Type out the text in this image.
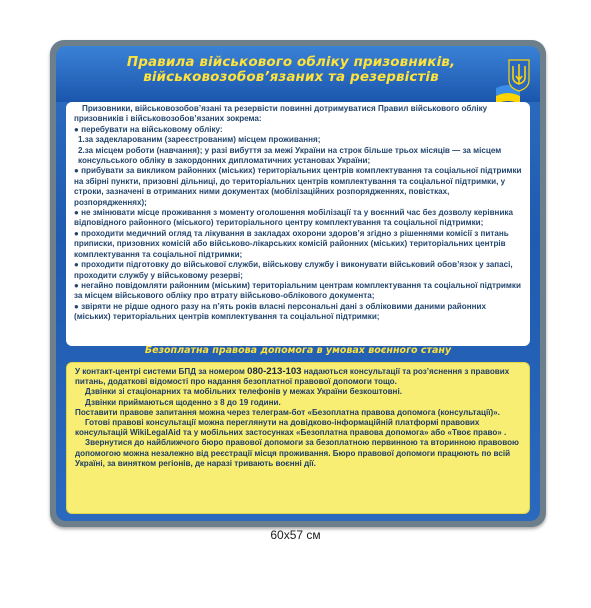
Правила військового обліку призовників,
військовозобов’язаних та резервістів

Призовники, військовозобов’язані та резервісти повинні дотримуватися Правил військового обліку призовників і військовозобов’язаних зокрема:

● перебувати на військовому обліку:

1.за задекларованим (зареєстрованим) місцем проживання;

2.за місцем роботи (навчання); у разі вибуття за межі України на строк більше трьох місяців — за місцем консульського обліку в закордонних дипломатичних установах України;

● прибувати за викликом районних (міських) територіальних центрів комплектування та соціальної підтримки на збірні пункти, призовні дільниці, до територіальних центрів комплектування та соціальної підтримки, у строки, зазначені в отриманих ними документах (мобілізаційних розпорядженнях, повістках, розпорядженнях);

● не змінювати місце проживання з моменту оголошення мобілізації та у воєнний час без дозволу керівника відповідного районного (міського) територіального центру комплектування та соціальної підтримки;

● проходити медичний огляд та лікування в закладах охорони здоров’я згідно з рішеннями комісії з питань приписки, призовних комісій або військово-лікарських комісій районних (міських) територіальних центрів комплектування та соціальної підтримки;

● проходити підготовку до військової служби, військову службу і виконувати військовий обов’язок у запасі, проходити службу у військовому резерві;

● негайно повідомляти районним (міським) територіальним центрам комплектування та соціальної підтримки за місцем військового обліку про втрату військово-облікового документа;

● звіряти не рідше одного разу на п’ять років власні персональні дані з обліковими даними районних (міських) територіальних центрів комплектування та соціальної підтримки;

Безоплатна правова допомога в умовах воєнного стану

У контакт-центрі системи БПД за номером 080-213-103 надаються консультації та роз’яснення з правових питань, додаткові відомості про надання безоплатної правової допомоги тощо.

Дзвінки зі стаціонарних та мобільних телефонів у межах України безкоштовні.

Дзвінки приймаються щоденно з 8 до 19 години.

Поставити правове запитання можна через телеграм-бот «Безоплатна правова допомога (консультації)».

Готові правові консультації можна переглянути на довідково-інформаційній платформі правових консультацій WikiLegalAid та у мобільних застосунках «Безоплатна правова допомога» або «Твоє право» .

Звернутися до найближчого бюро правової допомоги за безоплатною первинною та вторинною правовою допомогою можна незалежно від реєстрації місця проживання. Бюро правової допомоги працюють по всій Україні, за винятком регіонів, де наразі тривають воєнні дії.

60x57 см
